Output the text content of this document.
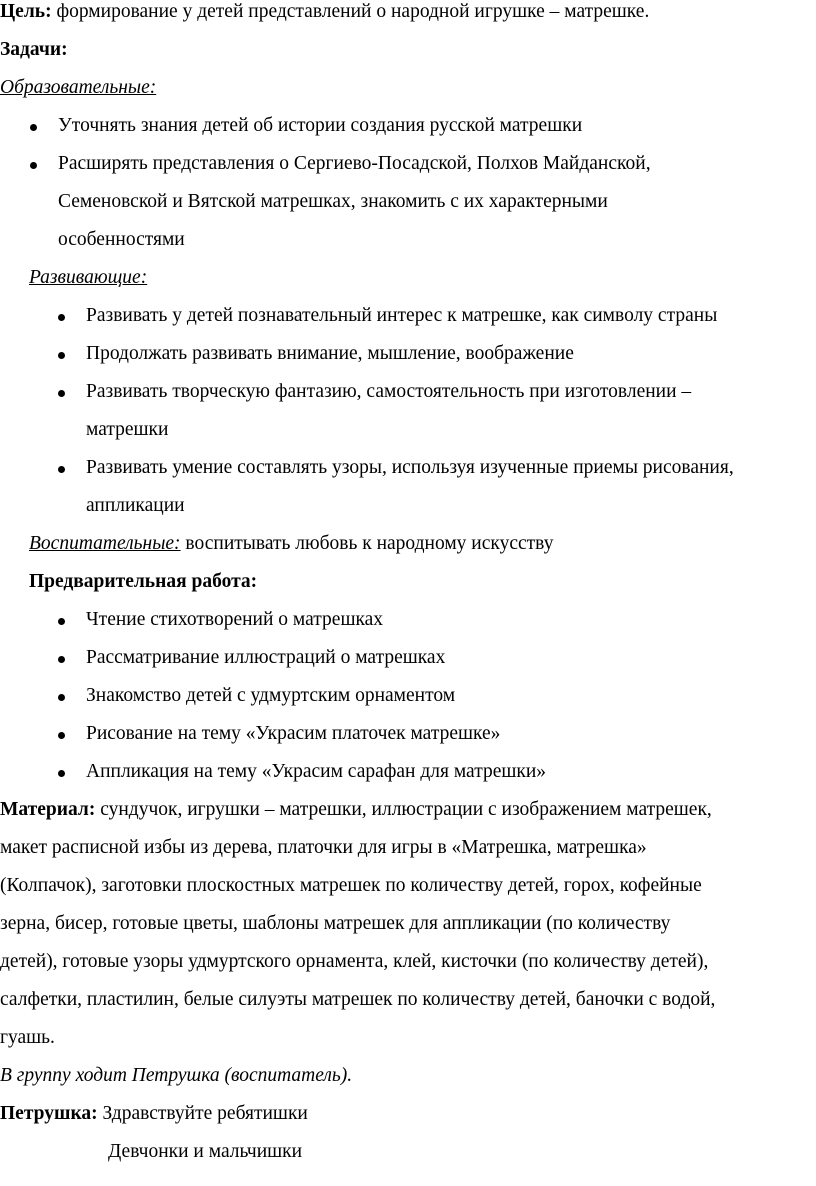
Цель: формирование у детей представлений о народной игрушке – матрешке.
Задачи:
Образовательные:
Уточнять знания детей об истории создания русской матрешки
Расширять представления о Сергиево-Посадской, Полхов Майданской,
Семеновской и Вятской матрешках, знакомить с их характерными
особенностями
Развивающие:
Развивать у детей познавательный интерес к матрешке, как символу страны
Продолжать развивать внимание, мышление, воображение
Развивать творческую фантазию, самостоятельность при изготовлении –
матрешки
Развивать умение составлять узоры, используя изученные приемы рисования,
аппликации
Воспитательные: воспитывать любовь к народному искусству
Предварительная работа:
Чтение стихотворений о матрешках
Рассматривание иллюстраций о матрешках
Знакомство детей с удмуртским орнаментом
Рисование на тему «Украсим платочек матрешке»
Аппликация на тему «Украсим сарафан для матрешки»
Материал: сундучок, игрушки – матрешки, иллюстрации с изображением матрешек,
макет расписной избы из дерева, платочки для игры в «Матрешка, матрешка»
(Колпачок), заготовки плоскостных матрешек по количеству детей, горох, кофейные
зерна, бисер, готовые цветы, шаблоны матрешек для аппликации (по количеству
детей), готовые узоры удмуртского орнамента, клей, кисточки (по количеству детей),
салфетки, пластилин, белые силуэты матрешек по количеству детей, баночки с водой,
гуашь.
В группу ходит Петрушка (воспитатель).
Петрушка: Здравствуйте ребятишки
Девчонки и мальчишки
